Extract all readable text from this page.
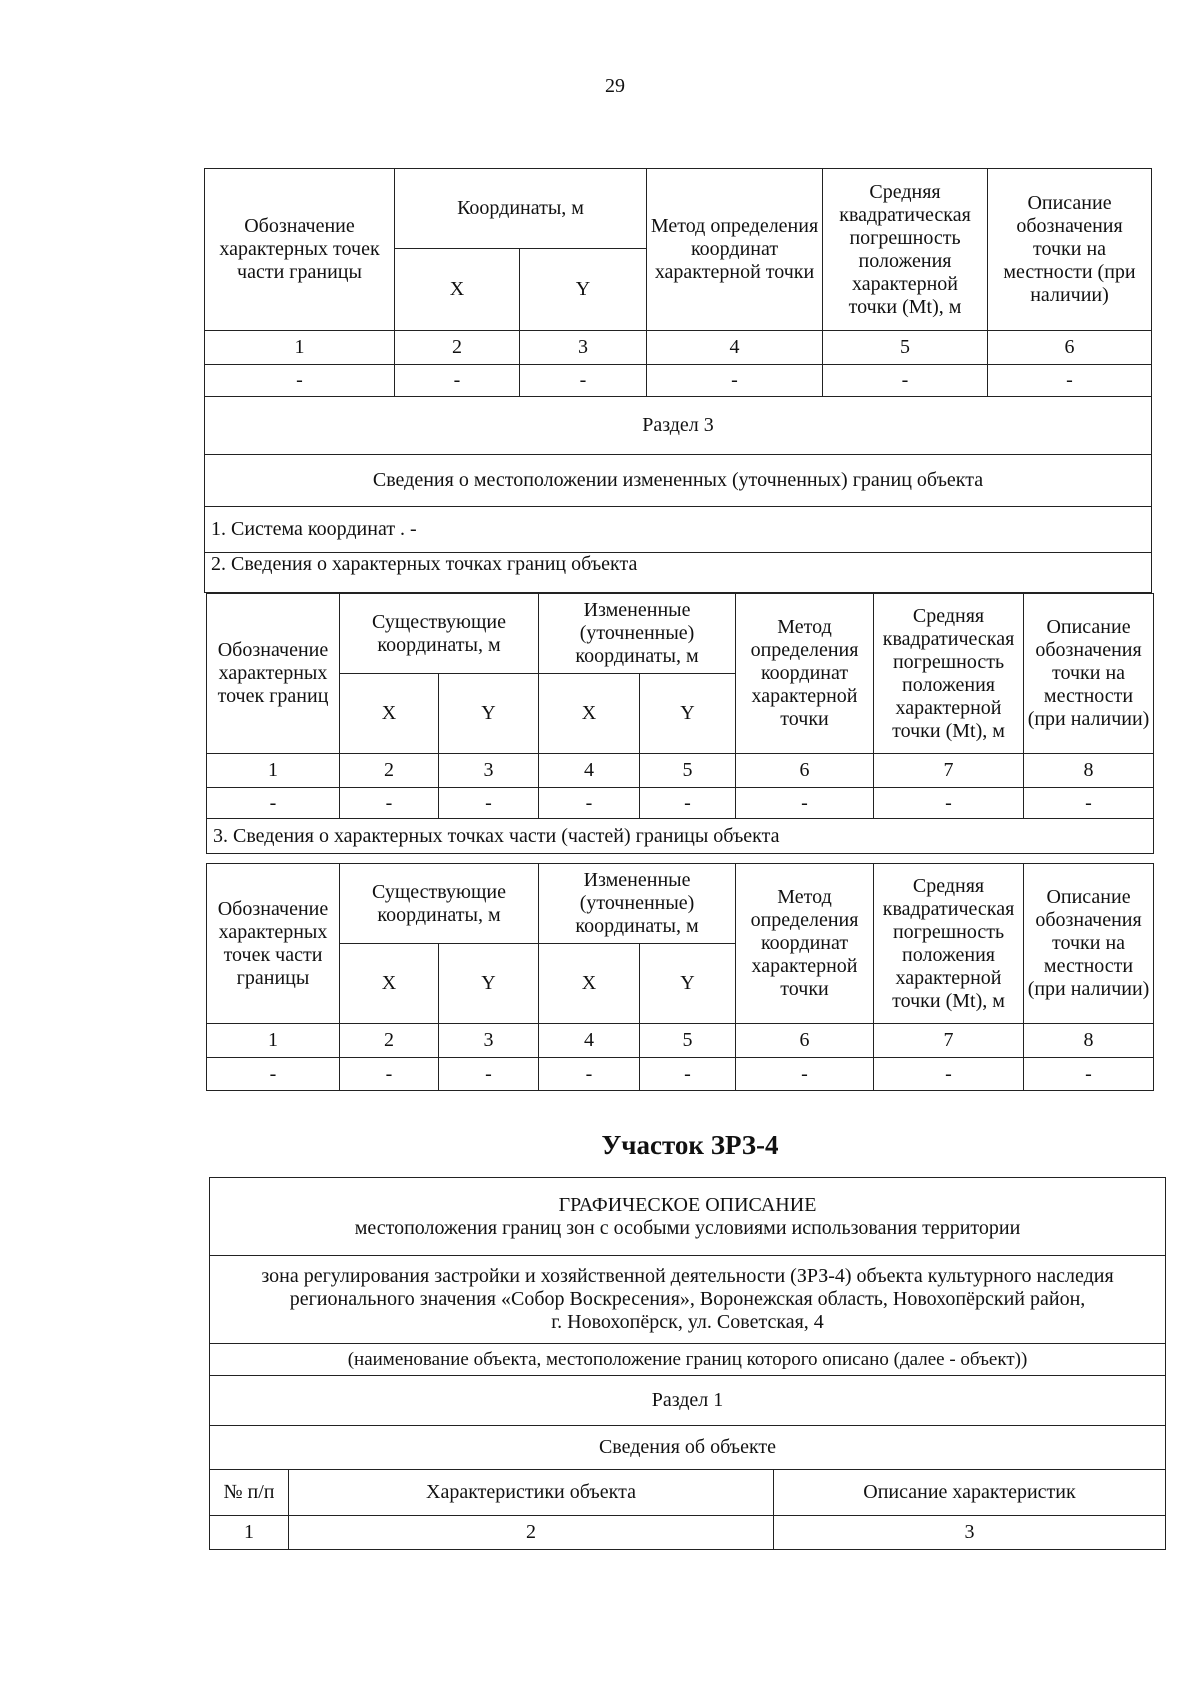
29
Обозначение характерных точек части границы	Координаты, м		Метод определения координат характерной точки	Средняя квадратическая погрешность положения характерной точки (Mt), м	Описание обозначения точки на местности (при наличии)
	X	Y			
1	2	3	4	5	6
-	-	-	-	-	-
Раздел 3					
Сведения о местоположении измененных (уточненных) границ объекта					
1. Система координат . -					
2. Сведения о характерных точках границ объекта					
Обозначение характерных точек границ	Существующие координаты, м		Измененные (уточненные) координаты, м		Метод определения координат характерной точки	Средняя квадратическая погрешность положения характерной точки (Mt), м	Описание обозначения точки на местности (при наличии)
	X	Y	X	Y			
1	2	3	4	5	6	7	8
-	-	-	-	-	-	-	-
3. Сведения о характерных точках части (частей) границы объекта							
Обозначение характерных точек части границы	Существующие координаты, м		Измененные (уточненные) координаты, м		Метод определения координат характерной точки	Средняя квадратическая погрешность положения характерной точки (Mt), м	Описание обозначения точки на местности (при наличии)
	X	Y	X	Y			
1	2	3	4	5	6	7	8
-	-	-	-	-	-	-	-
Участок ЗРЗ-4
ГРАФИЧЕСКОЕ ОПИСАНИЕ
местоположения границ зон с особыми условиями использования территории		

зона регулирования застройки и хозяйственной деятельности (ЗРЗ-4) объекта культурного наследия
регионального значения «Собор Воскресения», Воронежская область, Новохопёрский район,
г. Новохопёрск, ул. Советская, 4		

(наименование объекта, местоположение границ которого описано (далее - объект))		
Раздел 1		
Сведения об объекте		
№ п/п	Характеристики объекта	Описание характеристик
1	2	3
